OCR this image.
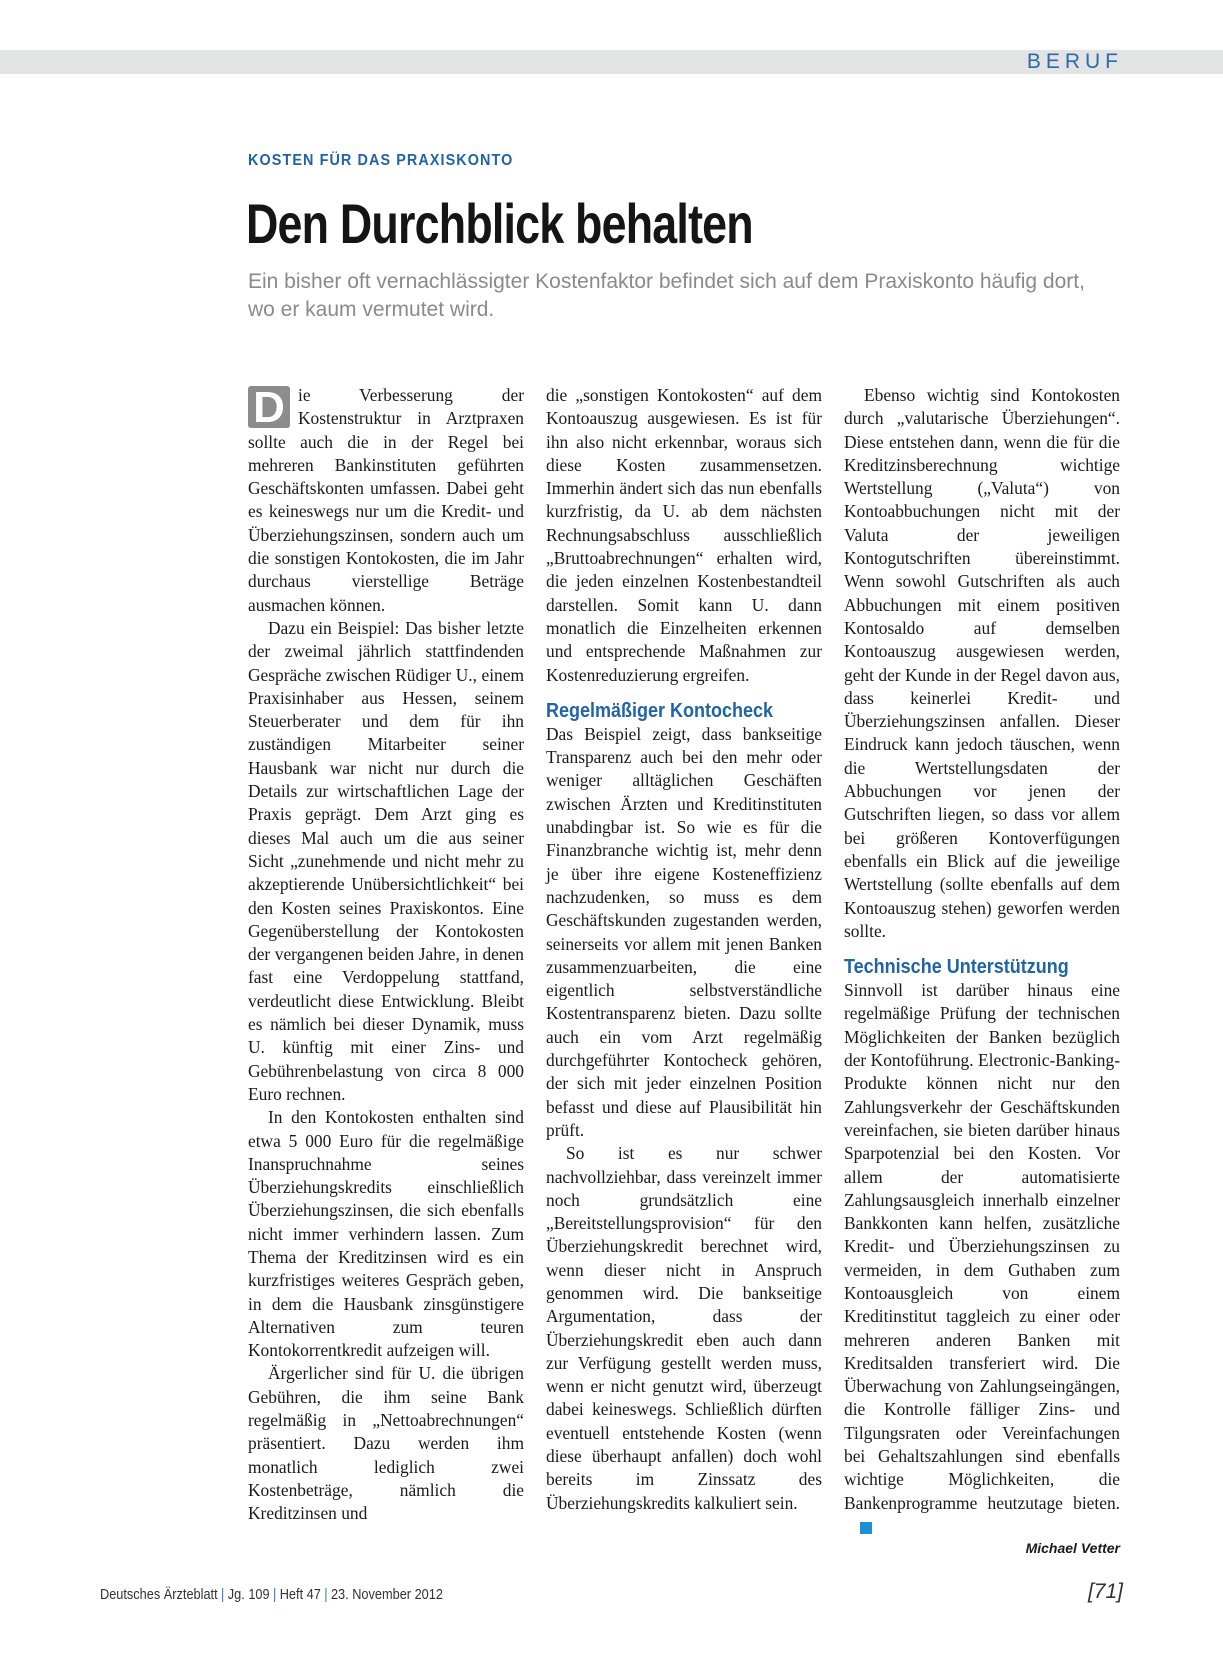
BERUF
KOSTEN FÜR DAS PRAXISKONTO
Den Durchblick behalten
Ein bisher oft vernachlässigter Kostenfaktor befindet sich auf dem Praxiskonto häufig dort, wo er kaum vermutet wird.

D ie Verbesserung der Kostenstruktur in Arztpraxen sollte auch die in der Regel bei mehreren Bankinstituten geführten Geschäftskonten umfassen. Dabei geht es keineswegs nur um die Kredit- und Überziehungszinsen, sondern auch um die sonstigen Kontokosten, die im Jahr durchaus vierstellige Beträge ausmachen können.

Dazu ein Beispiel: Das bisher letzte der zweimal jährlich stattfindenden Gespräche zwischen Rüdiger U., einem Praxisinhaber aus Hessen, seinem Steuerberater und dem für ihn zuständigen Mitarbeiter seiner Hausbank war nicht nur durch die Details zur wirtschaftlichen Lage der Praxis geprägt. Dem Arzt ging es dieses Mal auch um die aus seiner Sicht „zunehmende und nicht mehr zu akzeptierende Unübersichtlichkeit“ bei den Kosten seines Praxiskontos. Eine Gegenüberstellung der Kontokosten der vergangenen beiden Jahre, in denen fast eine Verdoppelung stattfand, verdeutlicht diese Entwicklung. Bleibt es nämlich bei dieser Dynamik, muss U. künftig mit einer Zins- und Gebührenbelastung von circa 8 000 Euro rechnen.

In den Kontokosten enthalten sind etwa 5 000 Euro für die regelmäßige Inanspruchnahme seines Überziehungskredits einschließlich Überziehungszinsen, die sich ebenfalls nicht immer verhindern lassen. Zum Thema der Kreditzinsen wird es ein kurzfristiges weiteres Gespräch geben, in dem die Hausbank zinsgünstigere Alternativen zum teuren Kontokorrentkredit aufzeigen will.

Ärgerlicher sind für U. die übrigen Gebühren, die ihm seine Bank regelmäßig in „Nettoabrechnungen“ präsentiert. Dazu werden ihm monatlich lediglich zwei Kostenbeträge, nämlich die Kreditzinsen und

die „sonstigen Kontokosten“ auf dem Kontoauszug ausgewiesen. Es ist für ihn also nicht erkennbar, woraus sich diese Kosten zusammensetzen. Immerhin ändert sich das nun ebenfalls kurzfristig, da U. ab dem nächsten Rechnungsabschluss ausschließlich „Bruttoabrechnungen“ erhalten wird, die jeden einzelnen Kostenbestandteil darstellen. Somit kann U. dann monatlich die Einzelheiten erkennen und entsprechende Maßnahmen zur Kostenreduzierung ergreifen.

Regelmäßiger Kontocheck

Das Beispiel zeigt, dass bankseitige Transparenz auch bei den mehr oder weniger alltäglichen Geschäften zwischen Ärzten und Kreditinstituten unabdingbar ist. So wie es für die Finanzbranche wichtig ist, mehr denn je über ihre eigene Kosteneffizienz nachzudenken, so muss es dem Geschäftskunden zugestanden werden, seinerseits vor allem mit jenen Banken zusammenzuarbeiten, die eine eigentlich selbstverständliche Kostentransparenz bieten. Dazu sollte auch ein vom Arzt regelmäßig durchgeführter Kontocheck gehören, der sich mit jeder einzelnen Position befasst und diese auf Plausibilität hin prüft.

So ist es nur schwer nachvollziehbar, dass vereinzelt immer noch grundsätzlich eine „Bereitstellungsprovision“ für den Überziehungskredit berechnet wird, wenn dieser nicht in Anspruch genommen wird. Die bankseitige Argumentation, dass der Überziehungskredit eben auch dann zur Verfügung gestellt werden muss, wenn er nicht genutzt wird, überzeugt dabei keineswegs. Schließlich dürften eventuell entstehende Kosten (wenn diese überhaupt anfallen) doch wohl bereits im Zinssatz des Überziehungskredits kalkuliert sein.

Ebenso wichtig sind Kontokosten durch „valutarische Überziehungen“. Diese entstehen dann, wenn die für die Kreditzinsberechnung wichtige Wertstellung („Valuta“) von Kontoabbuchungen nicht mit der Valuta der jeweiligen Kontogutschriften übereinstimmt. Wenn sowohl Gutschriften als auch Abbuchungen mit einem positiven Kontosaldo auf demselben Kontoauszug ausgewiesen werden, geht der Kunde in der Regel davon aus, dass keinerlei Kredit- und Überziehungszinsen anfallen. Dieser Eindruck kann jedoch täuschen, wenn die Wertstellungsdaten der Abbuchungen vor jenen der Gutschriften liegen, so dass vor allem bei größeren Kontoverfügungen ebenfalls ein Blick auf die jeweilige Wertstellung (sollte ebenfalls auf dem Kontoauszug stehen) geworfen werden sollte.

Technische Unterstützung

Sinnvoll ist darüber hinaus eine regelmäßige Prüfung der technischen Möglichkeiten der Banken bezüglich der Kontoführung. Electronic-Banking-Produkte können nicht nur den Zahlungsverkehr der Geschäftskunden vereinfachen, sie bieten darüber hinaus Sparpotenzial bei den Kosten. Vor allem der automatisierte Zahlungsausgleich innerhalb einzelner Bankkonten kann helfen, zusätzliche Kredit- und Überziehungszinsen zu vermeiden, in dem Guthaben zum Kontoausgleich von einem Kreditinstitut taggleich zu einer oder mehreren anderen Banken mit Kreditsalden transferiert wird. Die Überwachung von Zahlungseingängen, die Kontrolle fälliger Zins- und Tilgungsraten oder Vereinfachungen bei Gehaltszahlungen sind ebenfalls wichtige Möglichkeiten, die Bankenprogramme heutzutage bieten.

Michael Vetter
Deutsches Ärzteblatt | Jg. 109 | Heft 47 | 23. November 2012	[71]
